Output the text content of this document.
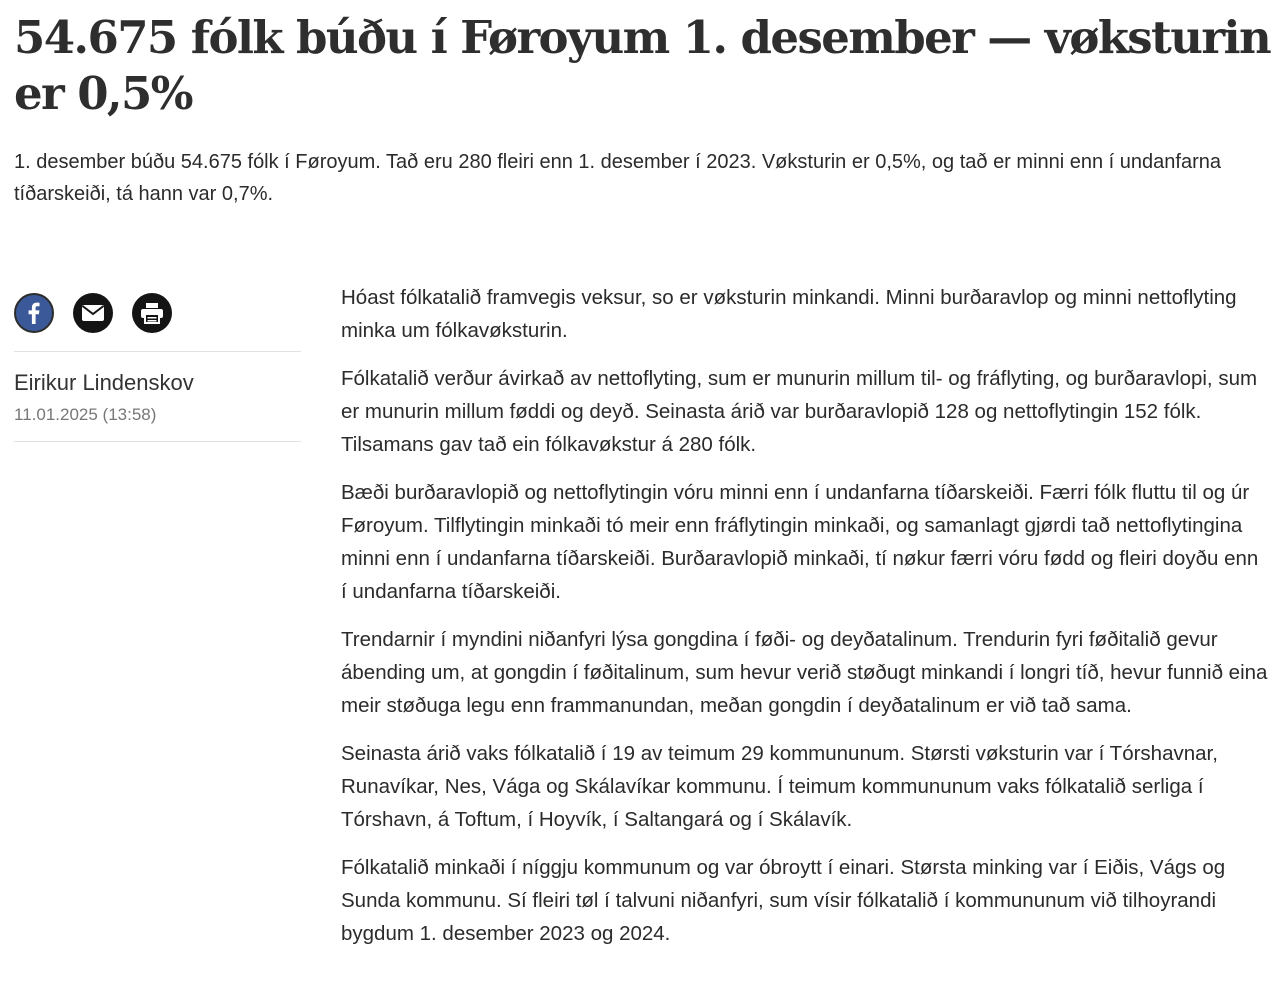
54.675 fólk búðu í Føroyum 1. desember — vøksturin er 0,5%

1. desember búðu 54.675 fólk í Føroyum. Tað eru 280 fleiri enn 1. desember í 2023. Vøksturin er 0,5%, og tað er minni enn í undanfarna tíðarskeiði, tá hann var 0,7%.

Eirikur Lindenskov
11.01.2025 (13:58)

Hóast fólkatalið framvegis veksur, so er vøksturin minkandi. Minni burðaravlop og minni nettoflyting minka um fólkavøksturin.

Fólkatalið verður ávirkað av nettoflyting, sum er munurin millum til- og fráflyting, og burðaravlopi, sum er munurin millum føddi og deyð. Seinasta árið var burðaravlopið 128 og nettoflytingin 152 fólk. Tilsamans gav tað ein fólkavøkstur á 280 fólk.

Bæði burðaravlopið og nettoflytingin vóru minni enn í undanfarna tíðarskeiði. Færri fólk fluttu til og úr Føroyum. Tilflytingin minkaði tó meir enn fráflytingin minkaði, og samanlagt gjørdi tað nettoflytingina minni enn í undanfarna tíðarskeiði. Burðaravlopið minkaði, tí nøkur færri vóru fødd og fleiri doyðu enn í undanfarna tíðarskeiði.

Trendarnir í myndini niðanfyri lýsa gongdina í føði- og deyðatalinum. Trendurin fyri føðitalið gevur ábending um, at gongdin í føðitalinum, sum hevur verið støðugt minkandi í longri tíð, hevur funnið eina meir støðuga legu enn frammanundan, meðan gongdin í deyðatalinum er við tað sama.

Seinasta árið vaks fólkatalið í 19 av teimum 29 kommununum. Størsti vøksturin var í Tórshavnar, Runavíkar, Nes, Vága og Skálavíkar kommunu. Í teimum kommununum vaks fólkatalið serliga í Tórshavn, á Toftum, í Hoyvík, í Saltangará og í Skálavík.

Fólkatalið minkaði í níggju kommunum og var óbroytt í einari. Størsta minking var í Eiðis, Vágs og Sunda kommunu. Sí fleiri tøl í talvuni niðanfyri, sum vísir fólkatalið í kommununum við tilhoyrandi bygdum 1. desember 2023 og 2024.
